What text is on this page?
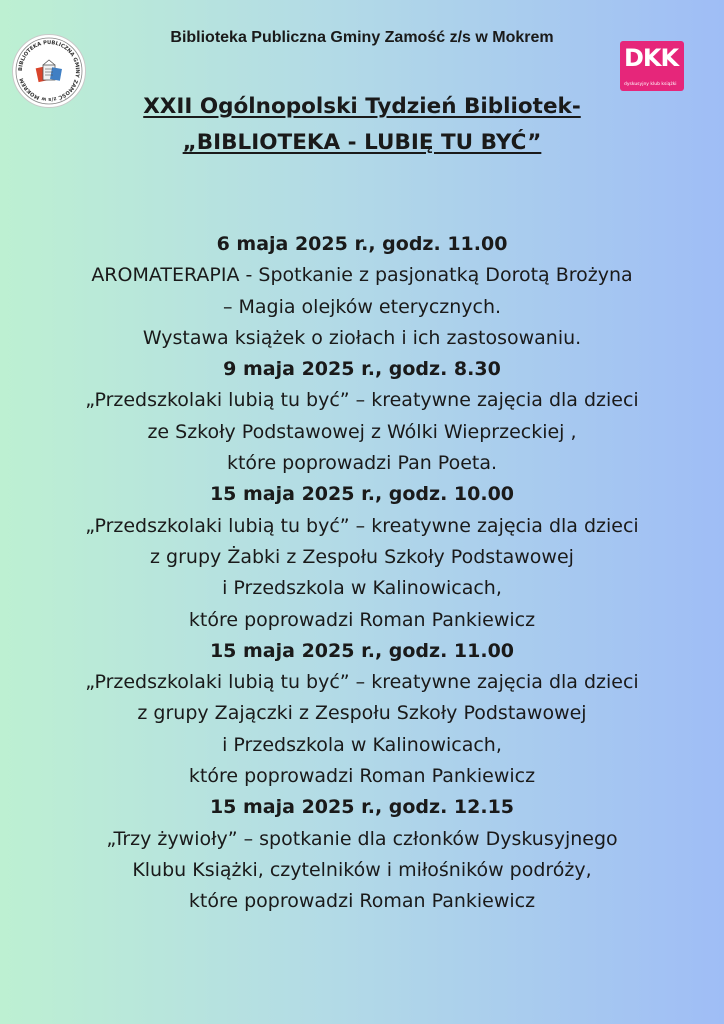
Biblioteka Publiczna Gminy Zamość z/s w Mokrem
BIBLIOTEKA PUBLICZNA GMINY ZAMOŚĆ z/s w MOKREM
DKK
dyskusyjny klub książki
XXII Ogólnopolski Tydzień Bibliotek-
„BIBLIOTEKA - LUBIĘ TU BYĆ”
6 maja 2025 r., godz. 11.00
AROMATERAPIA - Spotkanie z pasjonatką Dorotą Brożyna
– Magia olejków eterycznych.
Wystawa książek o ziołach i ich zastosowaniu.
9 maja 2025 r., godz. 8.30
„Przedszkolaki lubią tu być” – kreatywne zajęcia dla dzieci
ze Szkoły Podstawowej z Wólki Wieprzeckiej ,
które poprowadzi Pan Poeta.
15 maja 2025 r., godz. 10.00
„Przedszkolaki lubią tu być” – kreatywne zajęcia dla dzieci
z grupy Żabki z Zespołu Szkoły Podstawowej
i Przedszkola w Kalinowicach,
które poprowadzi Roman Pankiewicz
15 maja 2025 r., godz. 11.00
„Przedszkolaki lubią tu być” – kreatywne zajęcia dla dzieci
z grupy Zajączki z Zespołu Szkoły Podstawowej
i Przedszkola w Kalinowicach,
które poprowadzi Roman Pankiewicz
15 maja 2025 r., godz. 12.15
„Trzy żywioły” – spotkanie dla członków Dyskusyjnego
Klubu Książki, czytelników i miłośników podróży,
które poprowadzi Roman Pankiewicz
